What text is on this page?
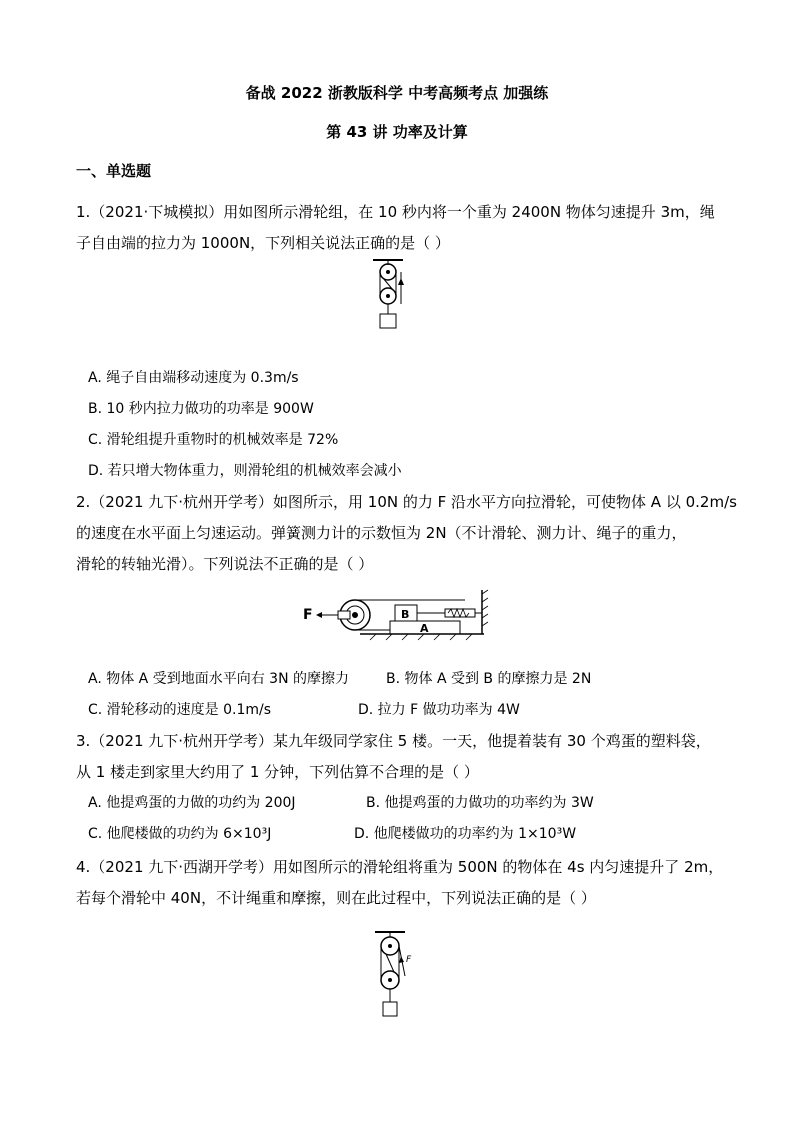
备战 2022 浙教版科学 中考高频考点 加强练
第 43 讲 功率及计算
一、单选题
1.（2021·下城模拟）用如图所示滑轮组，在 10 秒内将一个重为 2400N 物体匀速提升 3m，绳
子自由端的拉力为 1000N，下列相关说法正确的是（ ）
A. 绳子自由端移动速度为 0.3m/s
B. 10 秒内拉力做功的功率是 900W
C. 滑轮组提升重物时的机械效率是 72%
D. 若只增大物体重力，则滑轮组的机械效率会减小
2.（2021 九下·杭州开学考）如图所示，用 10N 的力 F 沿水平方向拉滑轮，可使物体 A 以 0.2m/s
的速度在水平面上匀速运动。弹簧测力计的示数恒为 2N（不计滑轮、测力计、绳子的重力，
滑轮的转轴光滑）。下列说法不正确的是（ ）
F	B
A
A. 物体 A 受到地面水平向右 3N 的摩擦力	B. 物体 A 受到 B 的摩擦力是 2N
C. 滑轮移动的速度是 0.1m/s	D. 拉力 F 做功功率为 4W
3.（2021 九下·杭州开学考）某九年级同学家住 5 楼。一天，他提着装有 30 个鸡蛋的塑料袋，
从 1 楼走到家里大约用了 1 分钟，下列估算不合理的是（ ）
A. 他提鸡蛋的力做的功约为 200J	B. 他提鸡蛋的力做功的功率约为 3W
C. 他爬楼做的功约为 6×10³J	D. 他爬楼做功的功率约为 1×10³W
4.（2021 九下·西湖开学考）用如图所示的滑轮组将重为 500N 的物体在 4s 内匀速提升了 2m，
若每个滑轮中 40N，不计绳重和摩擦，则在此过程中，下列说法正确的是（ ）
F
